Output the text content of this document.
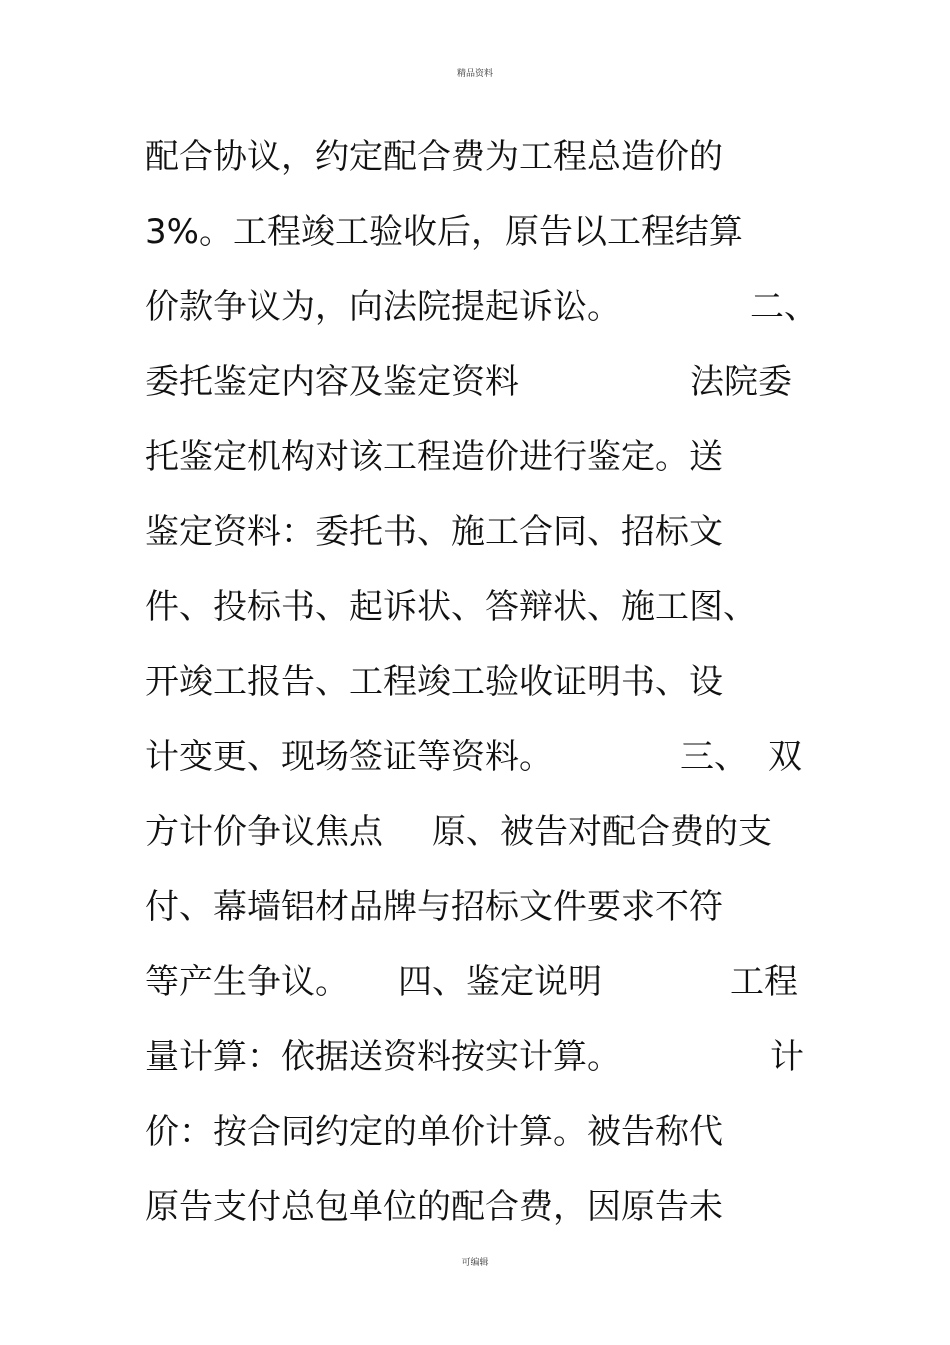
精品资料

配合协议，约定配合费为工程总造价的

3%。工程竣工验收后，原告以工程结算

价款争议为，向法院提起诉讼。

	二、

委托鉴定内容及鉴定资料

	法院委

托鉴定机构对该工程造价进行鉴定。送

鉴定资料：委托书、施工合同、招标文

件、投标书、起诉状、答辩状、施工图、

开竣工报告、工程竣工验收证明书、设

计变更、现场签证等资料。

	三、

双

方计价争议焦点

原、被告对配合费的支

付、幕墙铝材品牌与招标文件要求不符

等产生争议。

四、鉴定说明

	工程

量计算：依据送资料按实计算。

	计

价：按合同约定的单价计算。被告称代

原告支付总包单位的配合费，因原告未

可编辑
